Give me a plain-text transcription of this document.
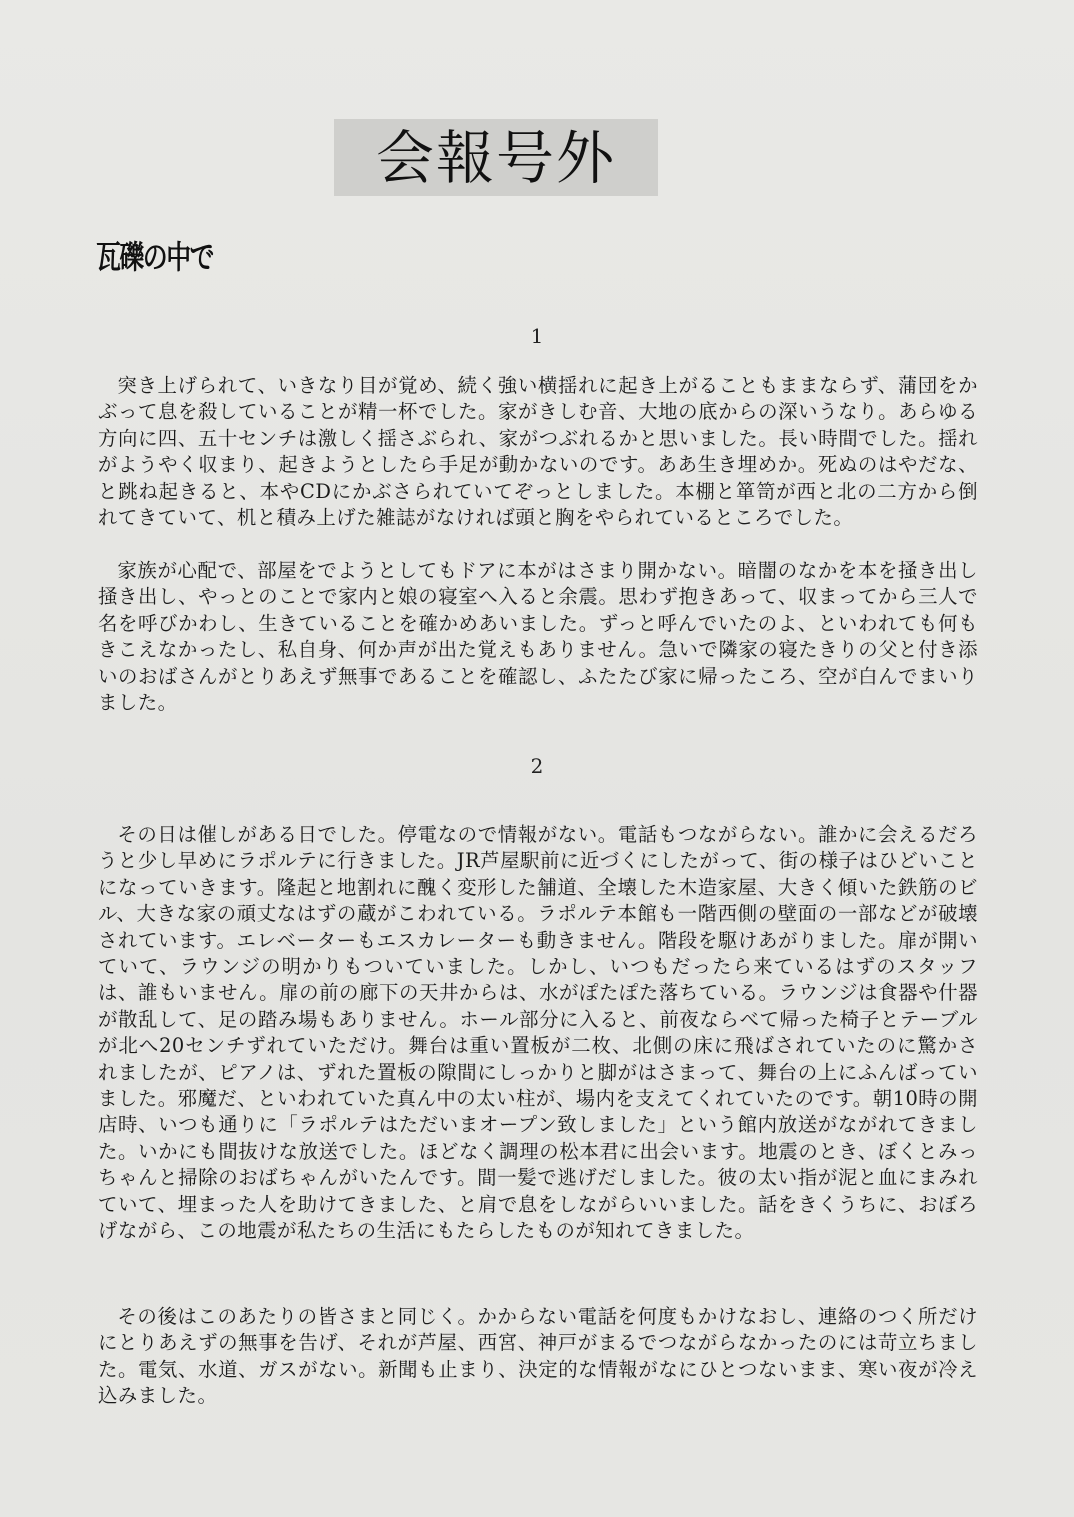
会報号外
瓦礫の中で
1

突き上げられて、いきなり目が覚め、続く強い横揺れに起き上がることもままならず、蒲団をかぶって息を殺していることが精一杯でした。家がきしむ音、大地の底からの深いうなり。あらゆる方向に四、五十センチは激しく揺さぶられ、家がつぶれるかと思いました。長い時間でした。揺れがようやく収まり、起きようとしたら手足が動かないのです。ああ生き埋めか。死ぬのはやだな、と跳ね起きると、本やCDにかぶさられていてぞっとしました。本棚と箪笥が西と北の二方から倒れてきていて、机と積み上げた雑誌がなければ頭と胸をやられているところでした。

家族が心配で、部屋をでようとしてもドアに本がはさまり開かない。暗闇のなかを本を掻き出し掻き出し、やっとのことで家内と娘の寝室へ入ると余震。思わず抱きあって、収まってから三人で名を呼びかわし、生きていることを確かめあいました。ずっと呼んでいたのよ、といわれても何もきこえなかったし、私自身、何か声が出た覚えもありません。急いで隣家の寝たきりの父と付き添いのおばさんがとりあえず無事であることを確認し、ふたたび家に帰ったころ、空が白んでまいりました。

2

その日は催しがある日でした。停電なので情報がない。電話もつながらない。誰かに会えるだろうと少し早めにラポルテに行きました。JR芦屋駅前に近づくにしたがって、街の様子はひどいことになっていきます。隆起と地割れに醜く変形した舗道、全壊した木造家屋、大きく傾いた鉄筋のビル、大きな家の頑丈なはずの蔵がこわれている。ラポルテ本館も一階西側の壁面の一部などが破壊されています。エレベーターもエスカレーターも動きません。階段を駆けあがりました。扉が開いていて、ラウンジの明かりもついていました。しかし、いつもだったら来ているはずのスタッフは、誰もいません。扉の前の廊下の天井からは、水がぽたぽた落ちている。ラウンジは食器や什器が散乱して、足の踏み場もありません。ホール部分に入ると、前夜ならべて帰った椅子とテーブルが北へ20センチずれていただけ。舞台は重い置板が二枚、北側の床に飛ばされていたのに驚かされましたが、ピアノは、ずれた置板の隙間にしっかりと脚がはさまって、舞台の上にふんばっていました。邪魔だ、といわれていた真ん中の太い柱が、場内を支えてくれていたのです。朝10時の開店時、いつも通りに「ラポルテはただいまオープン致しました」という館内放送がながれてきました。いかにも間抜けな放送でした。ほどなく調理の松本君に出会います。地震のとき、ぼくとみっちゃんと掃除のおばちゃんがいたんです。間一髪で逃げだしました。彼の太い指が泥と血にまみれていて、埋まった人を助けてきました、と肩で息をしながらいいました。話をきくうちに、おぼろげながら、この地震が私たちの生活にもたらしたものが知れてきました。

その後はこのあたりの皆さまと同じく。かからない電話を何度もかけなおし、連絡のつく所だけにとりあえずの無事を告げ、それが芦屋、西宮、神戸がまるでつながらなかったのには苛立ちました。電気、水道、ガスがない。新聞も止まり、決定的な情報がなにひとつないまま、寒い夜が冷え込みました。
